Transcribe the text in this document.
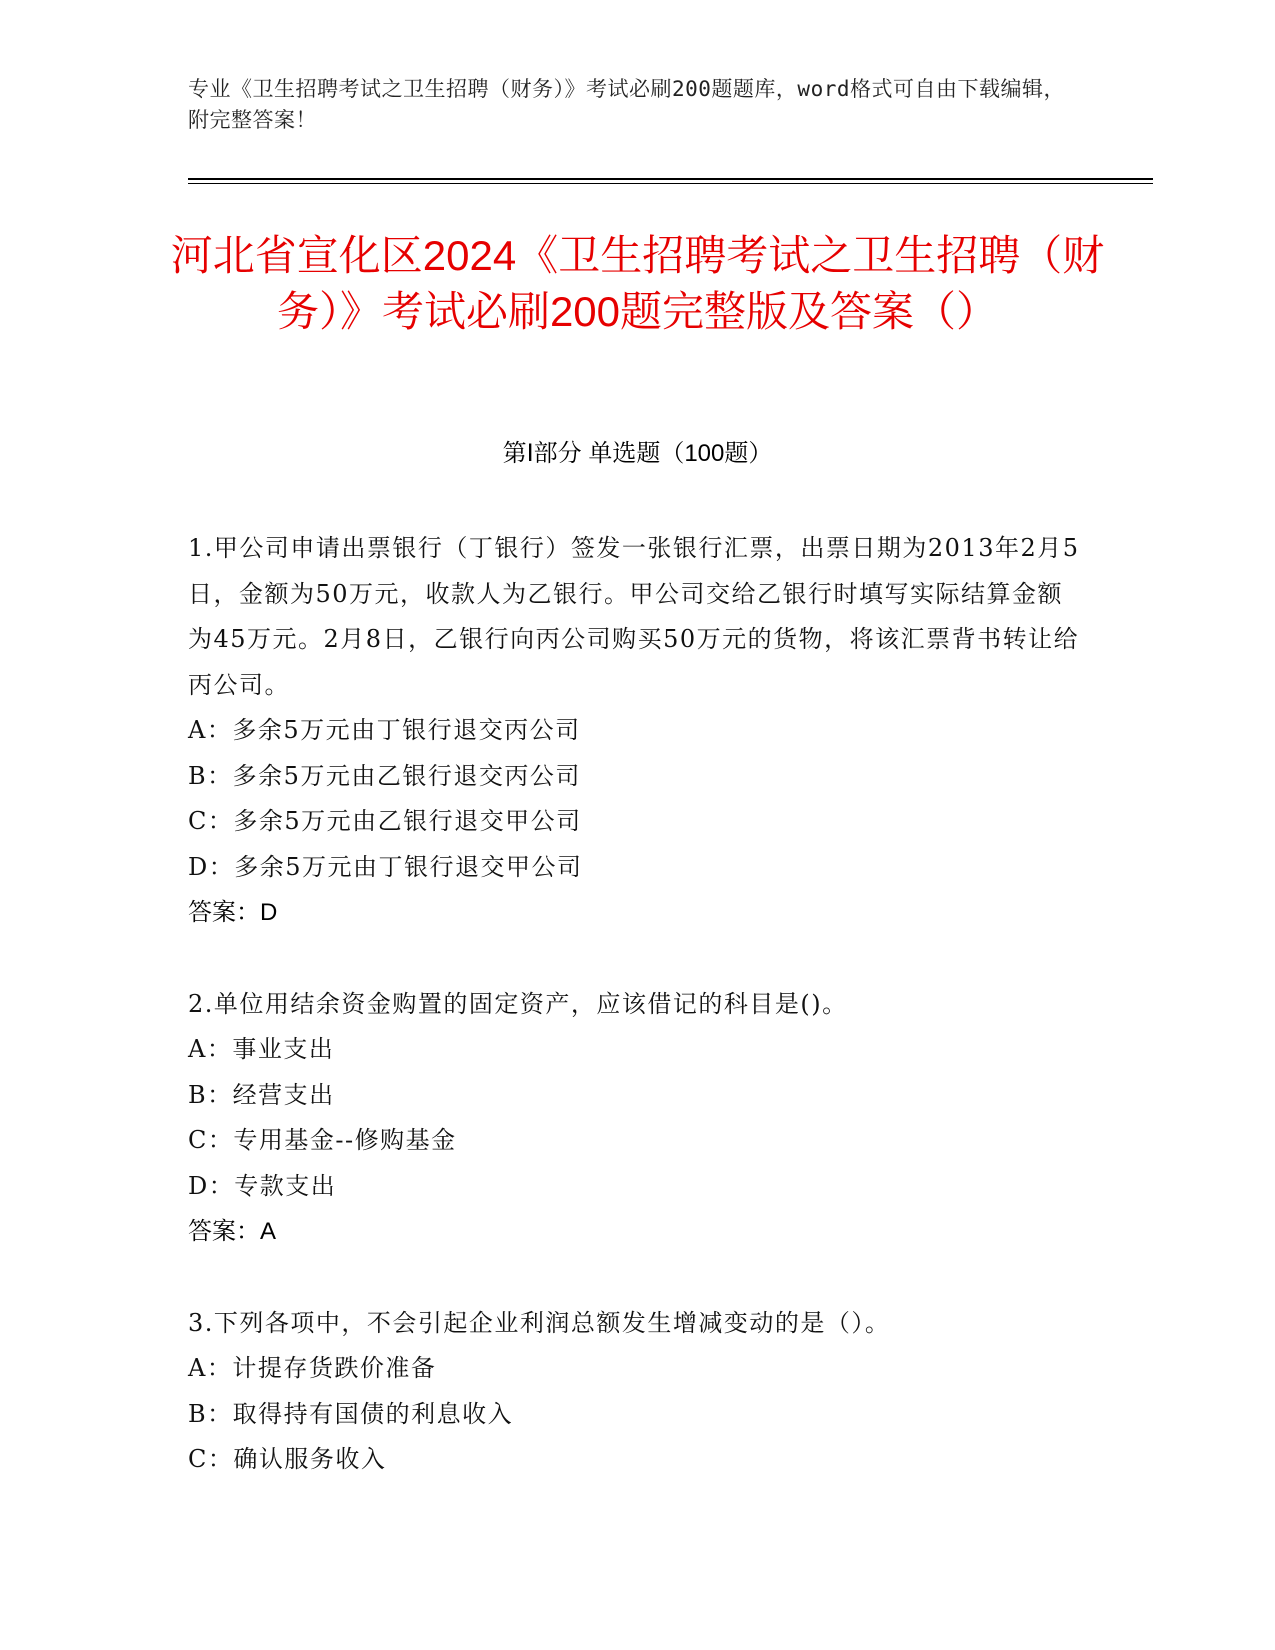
专业《卫生招聘考试之卫生招聘（财务）》考试必刷200题题库，word格式可自由下载编辑，附完整答案！
河北省宣化区2024《卫生招聘考试之卫生招聘（财务）》考试必刷200题完整版及答案（）
第Ⅰ部分 单选题（100题）

1.甲公司申请出票银行（丁银行）签发一张银行汇票，出票日期为2013年2月5日，金额为50万元，收款人为乙银行。甲公司交给乙银行时填写实际结算金额为45万元。2月8日，乙银行向丙公司购买50万元的货物，将该汇票背书转让给丙公司。

A：多余5万元由丁银行退交丙公司

B：多余5万元由乙银行退交丙公司

C：多余5万元由乙银行退交甲公司

D：多余5万元由丁银行退交甲公司

答案：D

2.单位用结余资金购置的固定资产，应该借记的科目是()。

A：事业支出

B：经营支出

C：专用基金--修购基金

D：专款支出

答案：A

3.下列各项中，不会引起企业利润总额发生增减变动的是（）。

A：计提存货跌价准备

B：取得持有国债的利息收入

C：确认服务收入
